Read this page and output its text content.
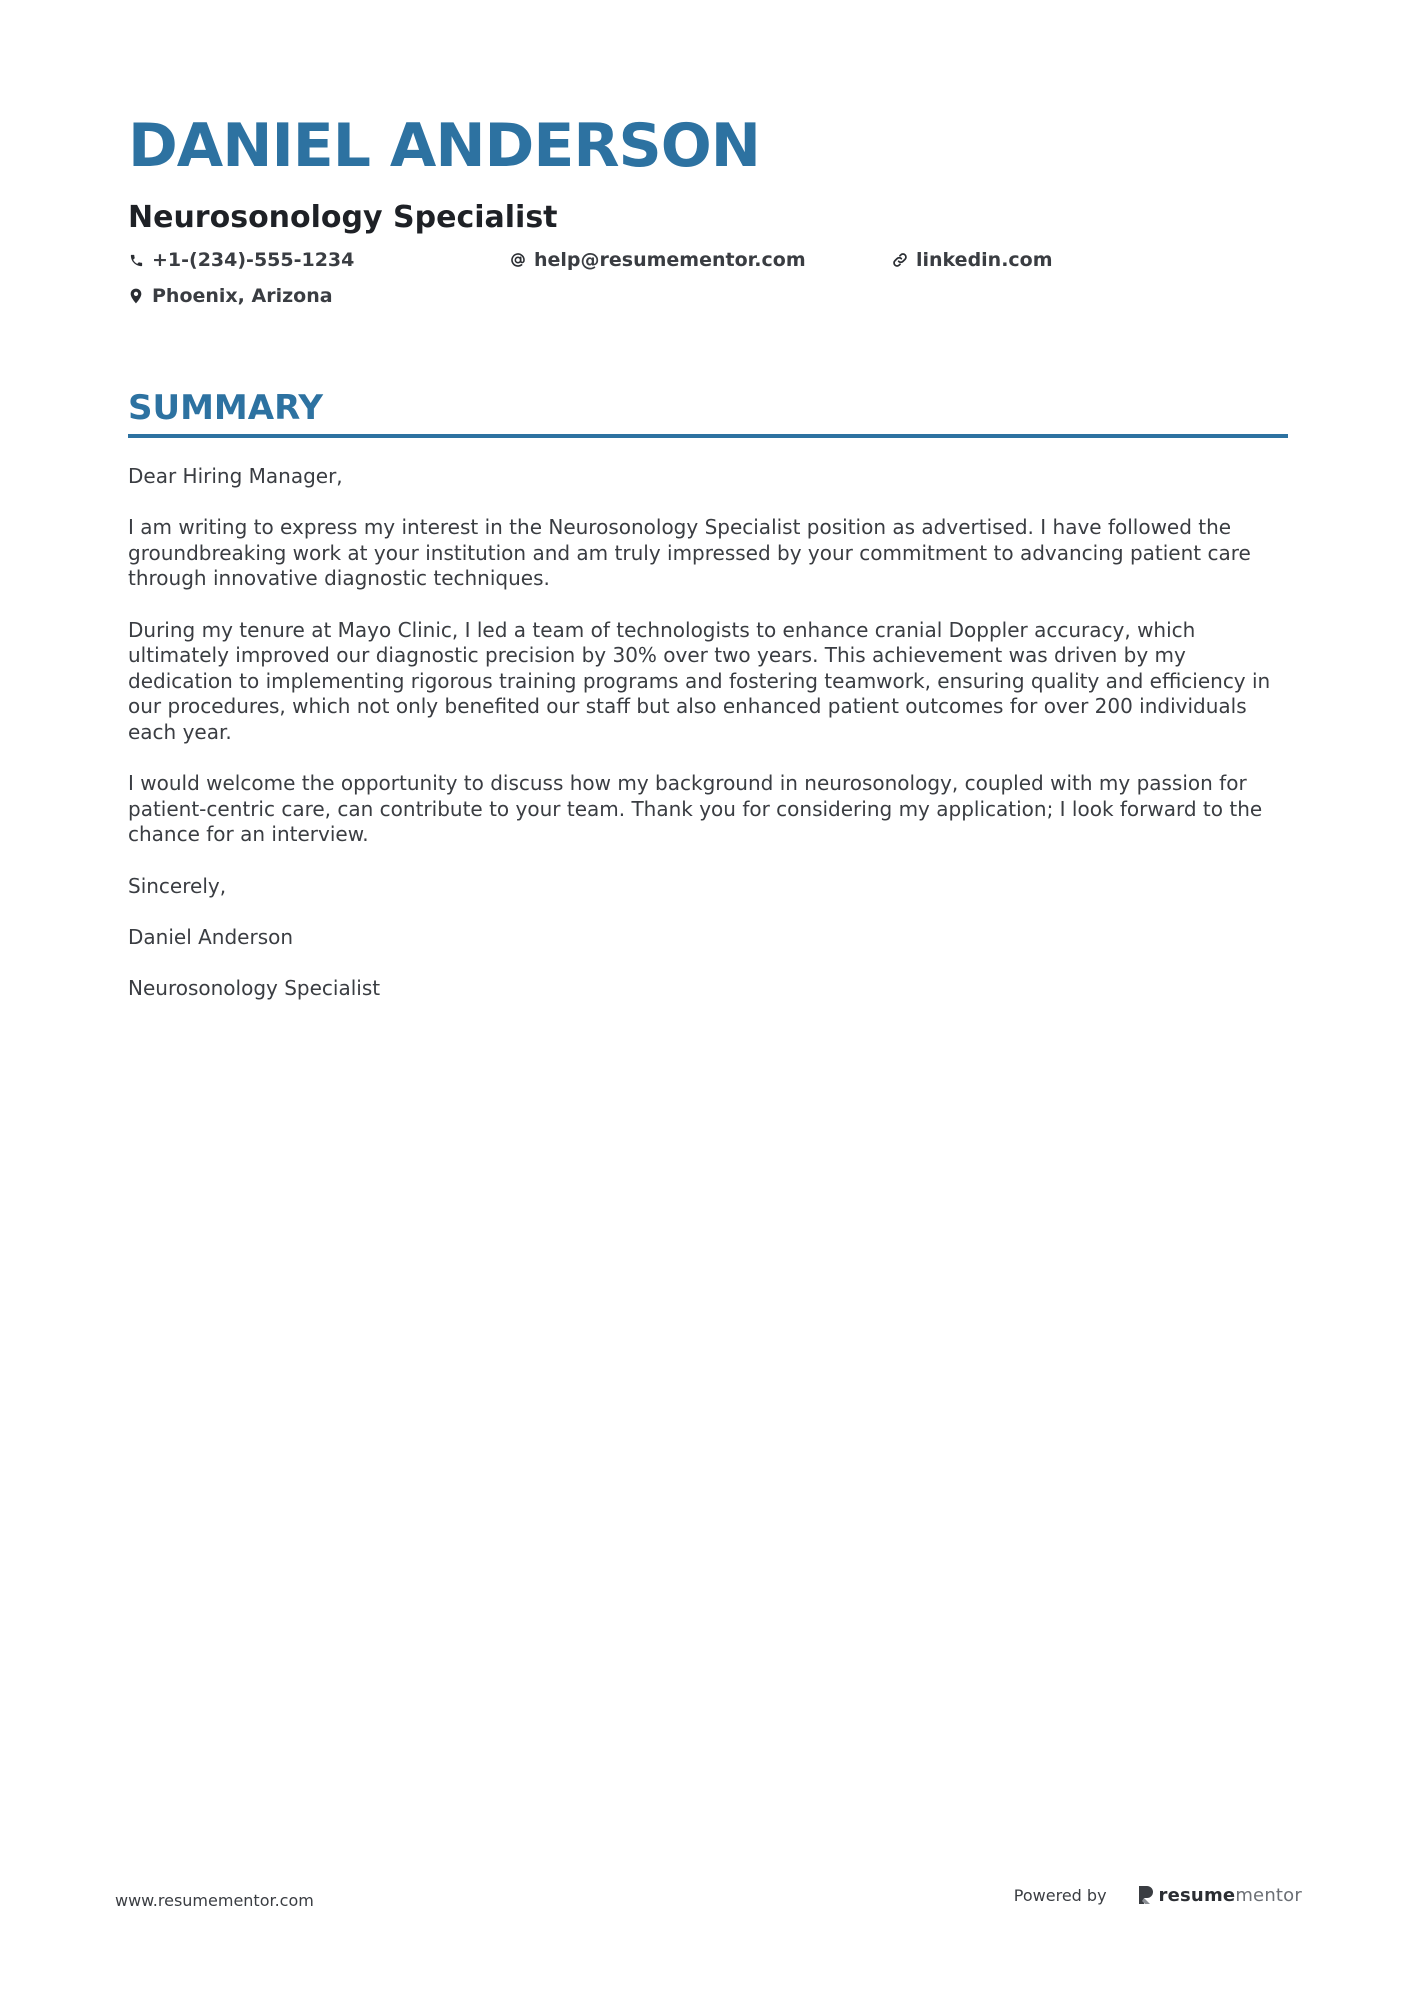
DANIEL ANDERSON
Neurosonology Specialist
+1-(234)-555-1234	help@resumementor.com	linkedin.com
Phoenix, Arizona
SUMMARY

Dear Hiring Manager,

I am writing to express my interest in the Neurosonology Specialist position as advertised. I have followed the groundbreaking work at your institution and am truly impressed by your commitment to advancing patient care through innovative diagnostic techniques.

During my tenure at Mayo Clinic, I led a team of technologists to enhance cranial Doppler accuracy, which ultimately improved our diagnostic precision by 30% over two years. This achievement was driven by my dedication to implementing rigorous training programs and fostering teamwork, ensuring quality and efficiency in our procedures, which not only benefited our staff but also enhanced patient outcomes for over 200 individuals each year.

I would welcome the opportunity to discuss how my background in neurosonology, coupled with my passion for patient-centric care, can contribute to your team. Thank you for considering my application; I look forward to the chance for an interview.

Sincerely,

Daniel Anderson

Neurosonology Specialist

www.resumementor.com	Powered by	resumementor
